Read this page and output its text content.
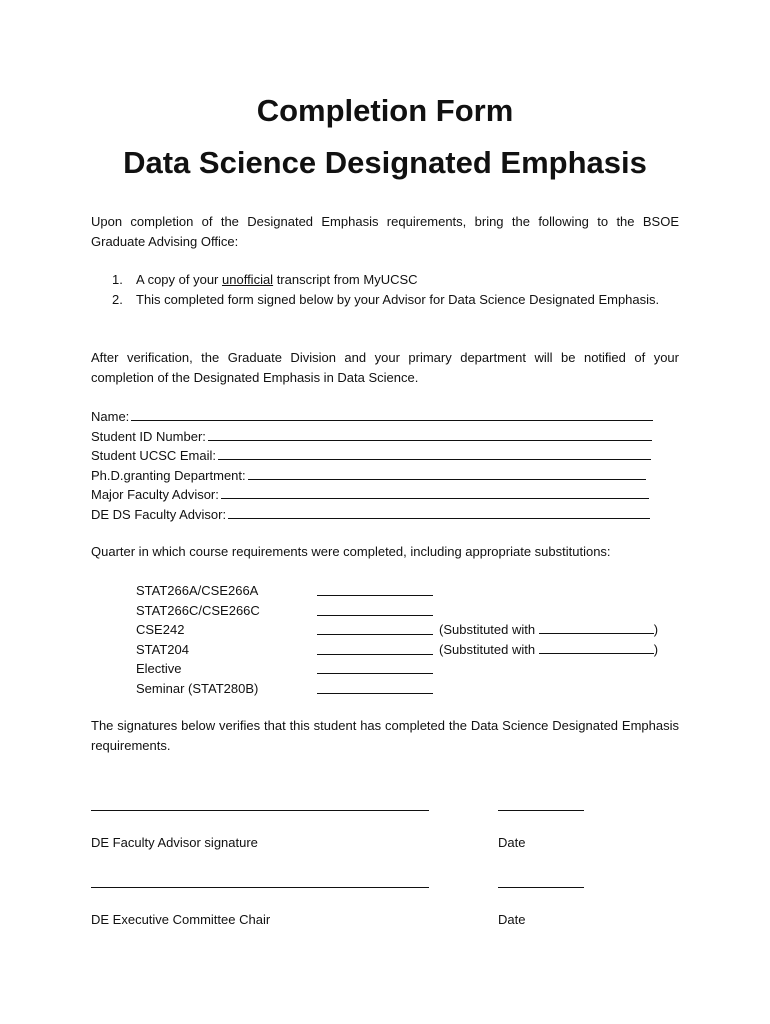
Completion Form
Data Science Designated Emphasis
Upon completion of the Designated Emphasis requirements, bring the following to the BSOE Graduate Advising Office:
1. A copy of your unofficial transcript from MyUCSC
2. This completed form signed below by your Advisor for Data Science Designated Emphasis.
After verification, the Graduate Division and your primary department will be notified of your completion of the Designated Emphasis in Data Science.
Name:
Student ID Number:
Student UCSC Email:
Ph.D.granting Department:
Major Faculty Advisor:
DE DS Faculty Advisor:
Quarter in which course requirements were completed, including appropriate substitutions:
STAT266A/CSE266A
STAT266C/CSE266C
CSE242	(Substituted with	)
STAT204	(Substituted with	)
Elective
Seminar (STAT280B)
The signatures below verifies that this student has completed the Data Science Designated Emphasis requirements.
DE Faculty Advisor signature	Date
DE Executive Committee Chair	Date
